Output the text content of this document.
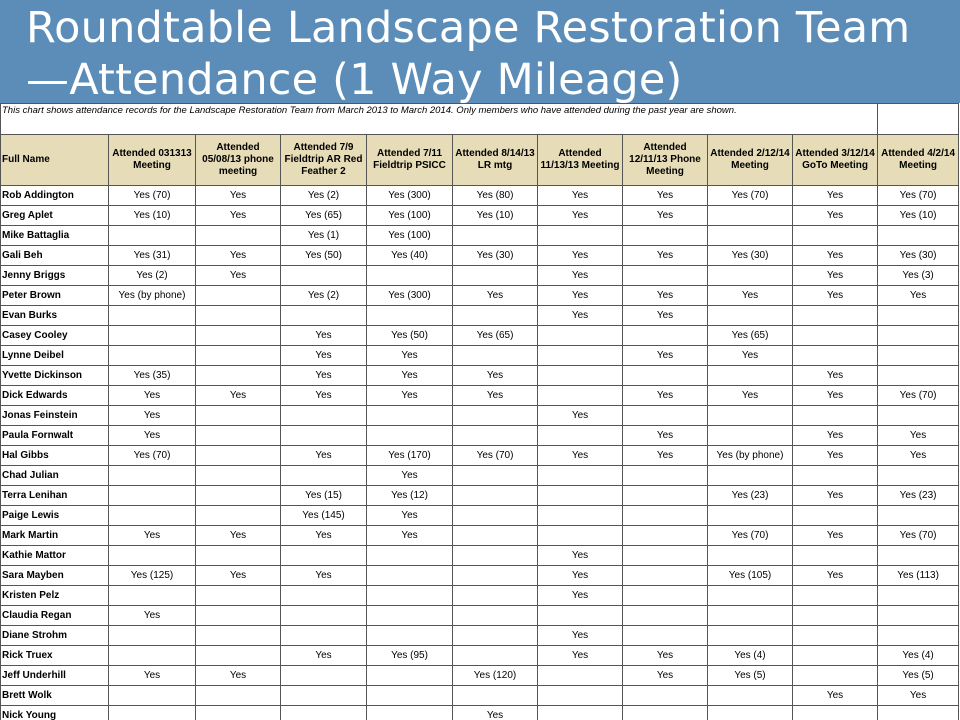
Roundtable Landscape Restoration Team—Attendance (1 Way Mileage)
This chart shows attendance records for the Landscape Restoration Team from March 2013 to March 2014. Only members who have attended during the past year are shown.										
Full Name	Attended 031313 Meeting	Attended 05/08/13 phone meeting	Attended 7/9 Fieldtrip AR Red Feather 2	Attended 7/11 Fieldtrip PSICC	Attended 8/14/13 LR mtg	Attended 11/13/13 Meeting	Attended 12/11/13 Phone Meeting	Attended 2/12/14 Meeting	Attended 3/12/14 GoTo Meeting	Attended 4/2/14 Meeting
Rob Addington	Yes (70)	Yes	Yes (2)	Yes (300)	Yes (80)	Yes	Yes	Yes (70)	Yes	Yes (70)
Greg Aplet	Yes (10)	Yes	Yes (65)	Yes (100)	Yes (10)	Yes	Yes		Yes	Yes (10)
Mike Battaglia			Yes (1)	Yes (100)						
Gali Beh	Yes (31)	Yes	Yes (50)	Yes (40)	Yes (30)	Yes	Yes	Yes (30)	Yes	Yes (30)
Jenny Briggs	Yes (2)	Yes				Yes			Yes	Yes (3)
Peter Brown	Yes (by phone)		Yes (2)	Yes (300)	Yes	Yes	Yes	Yes	Yes	Yes
Evan Burks						Yes	Yes			
Casey Cooley			Yes	Yes (50)	Yes (65)			Yes (65)		
Lynne Deibel			Yes	Yes			Yes	Yes		
Yvette Dickinson	Yes (35)		Yes	Yes	Yes				Yes	
Dick Edwards	Yes	Yes	Yes	Yes	Yes		Yes	Yes	Yes	Yes (70)
Jonas Feinstein	Yes					Yes				
Paula Fornwalt	Yes						Yes		Yes	Yes
Hal Gibbs	Yes (70)		Yes	Yes (170)	Yes (70)	Yes	Yes	Yes (by phone)	Yes	Yes
Chad Julian				Yes						
Terra Lenihan			Yes (15)	Yes (12)				Yes (23)	Yes	Yes (23)
Paige Lewis			Yes (145)	Yes						
Mark Martin	Yes	Yes	Yes	Yes				Yes (70)	Yes	Yes (70)
Kathie Mattor						Yes				
Sara Mayben	Yes (125)	Yes	Yes			Yes		Yes (105)	Yes	Yes (113)
Kristen Pelz						Yes				
Claudia Regan	Yes									
Diane Strohm						Yes				
Rick Truex			Yes	Yes (95)		Yes	Yes	Yes (4)		Yes (4)
Jeff Underhill	Yes	Yes			Yes (120)		Yes	Yes (5)		Yes (5)
Brett Wolk									Yes	Yes
Nick Young					Yes					
